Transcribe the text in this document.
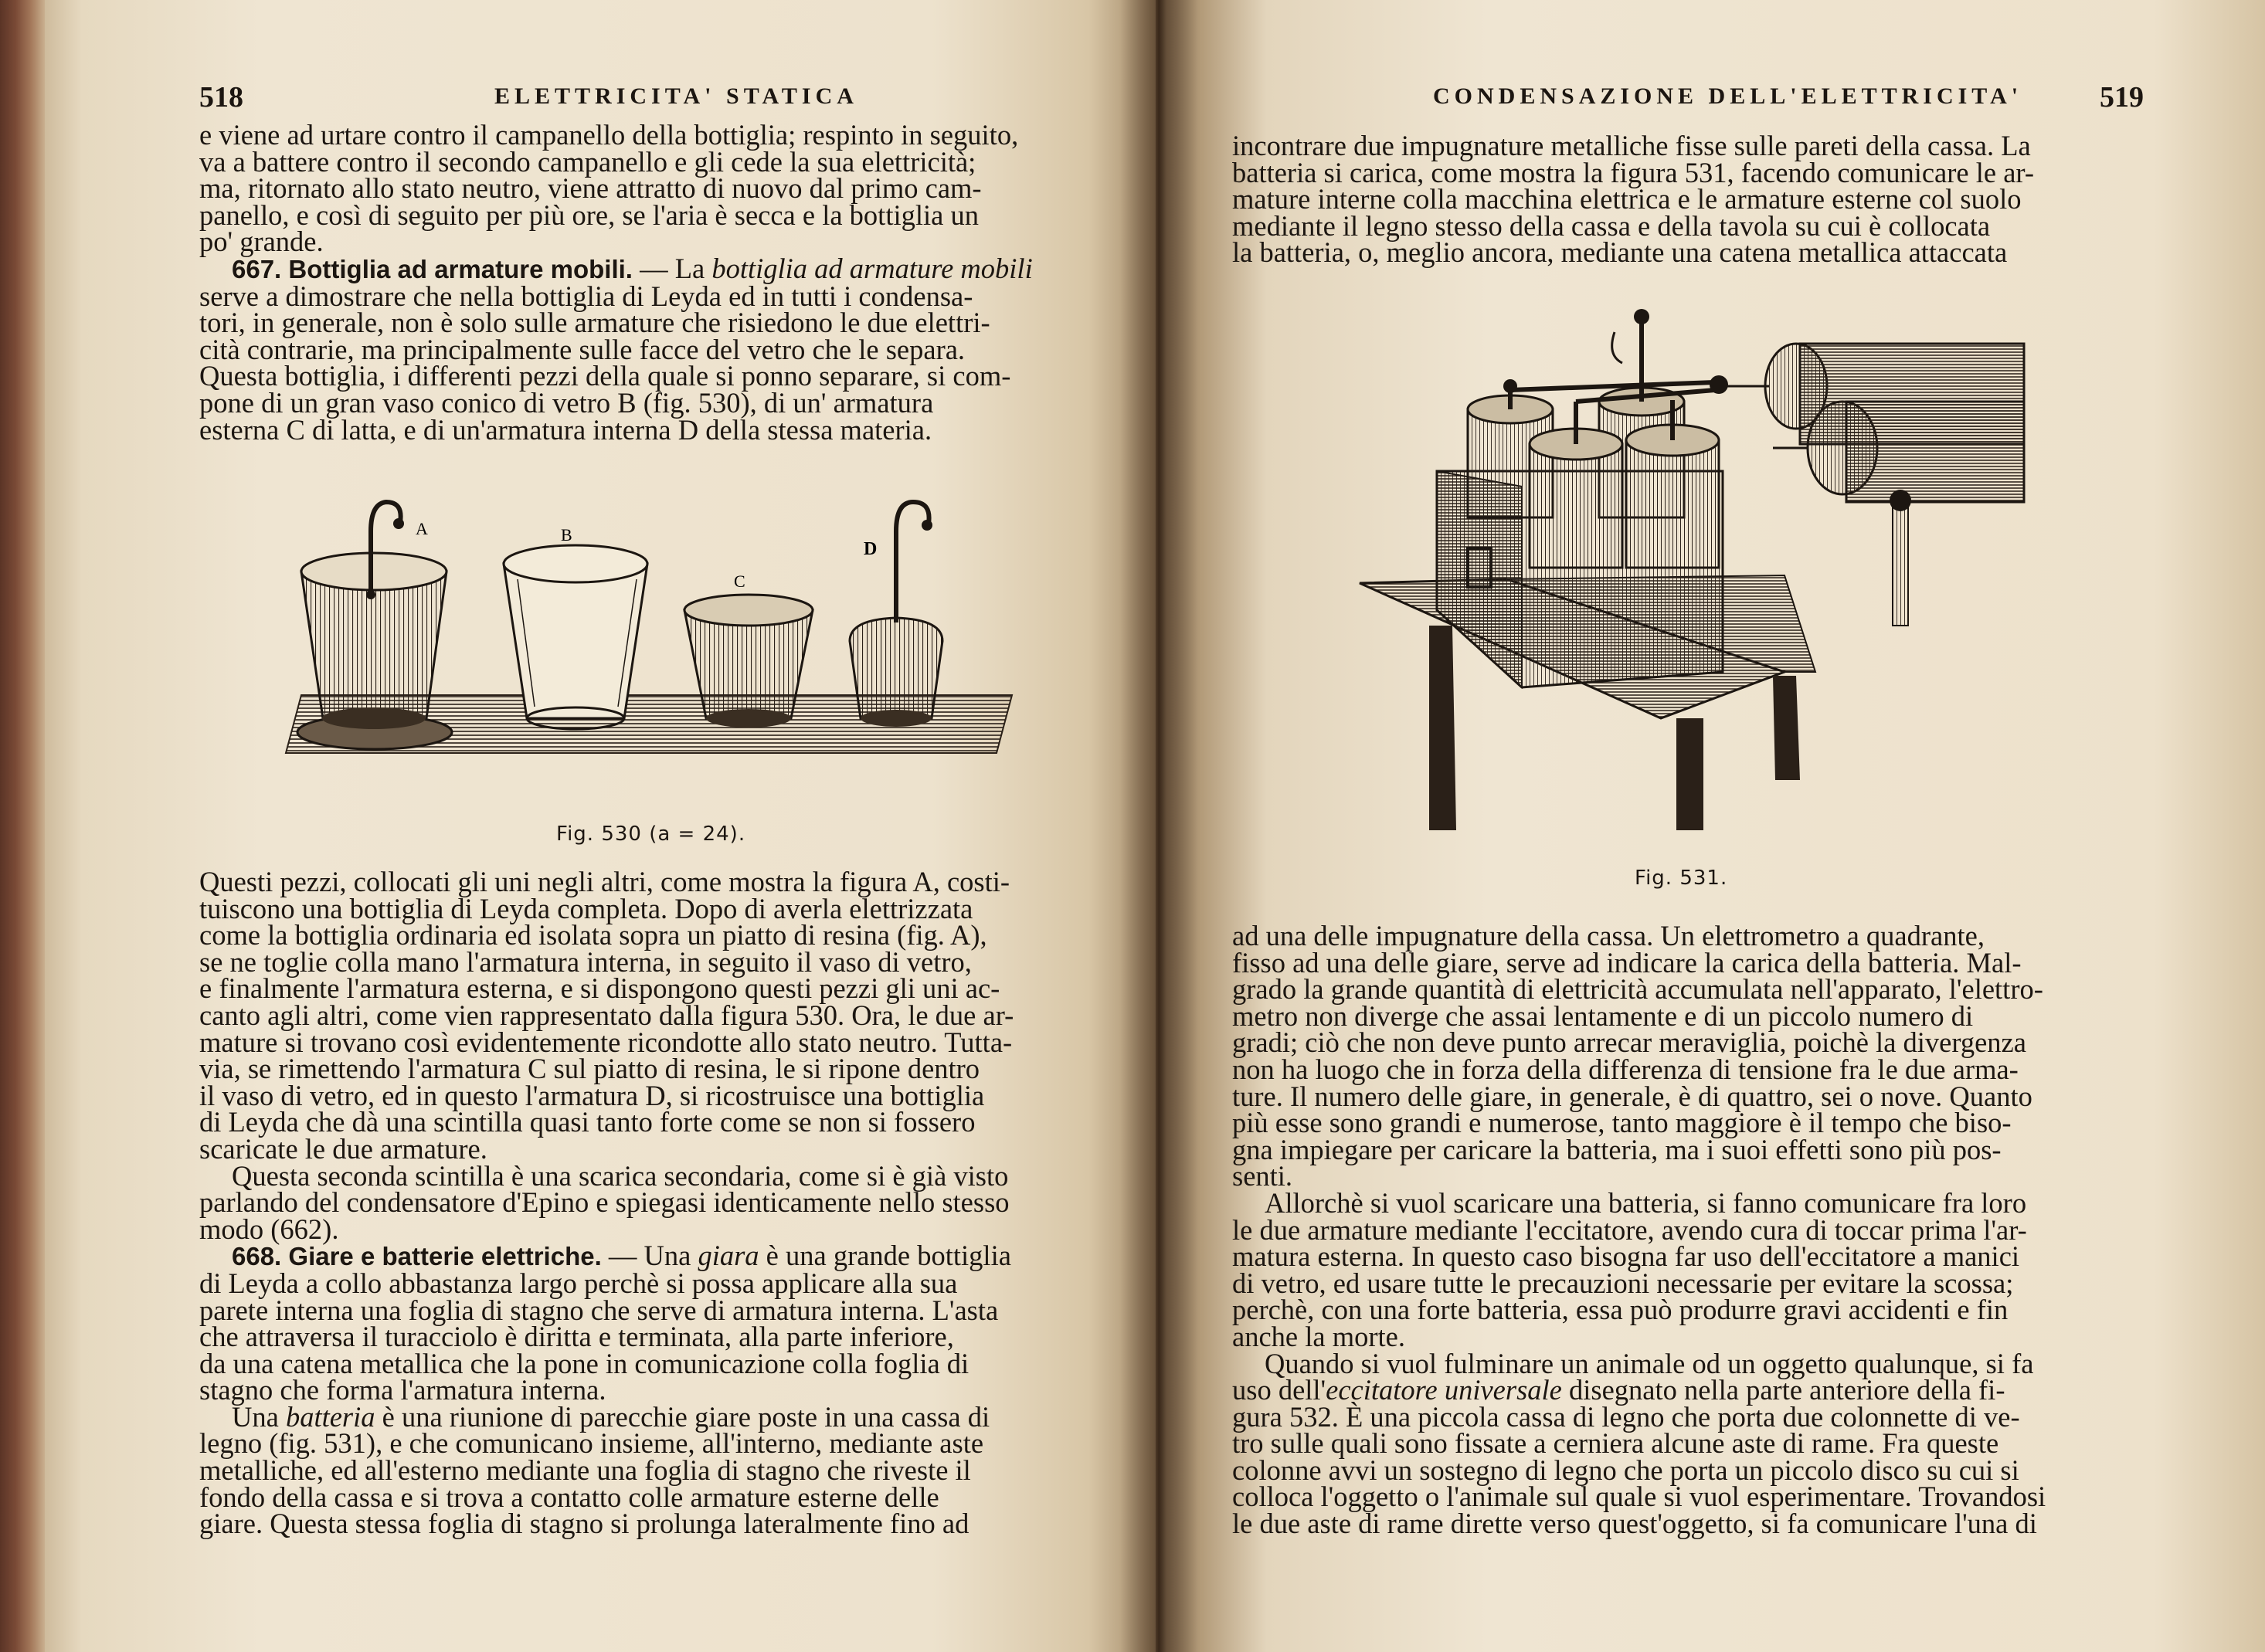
518	ELETTRICITA' STATICA

e viene ad urtare contro il campanello della bottiglia; respinto in seguito,

va a battere contro il secondo campanello e gli cede la sua elettricità;

ma, ritornato allo stato neutro, viene attratto di nuovo dal primo cam-

panello, e così di seguito per più ore, se l'aria è secca e la bottiglia un

po' grande.

667. Bottiglia ad armature mobili. — La bottiglia ad armature mobili

serve a dimostrare che nella bottiglia di Leyda ed in tutti i condensa-

tori, in generale, non è solo sulle armature che risiedono le due elettri-

cità contrarie, ma principalmente sulle facce del vetro che le separa.

Questa bottiglia, i differenti pezzi della quale si ponno separare, si com-

pone di un gran vaso conico di vetro B (fig. 530), di un' armatura

esterna C di latta, e di un'armatura interna D della stessa materia.

A	B
C
D
Fig. 530 (a = 24).

Questi pezzi, collocati gli uni negli altri, come mostra la figura A, costi-

tuiscono una bottiglia di Leyda completa. Dopo di averla elettrizzata

come la bottiglia ordinaria ed isolata sopra un piatto di resina (fig. A),

se ne toglie colla mano l'armatura interna, in seguito il vaso di vetro,

e finalmente l'armatura esterna, e si dispongono questi pezzi gli uni ac-

canto agli altri, come vien rappresentato dalla figura 530. Ora, le due ar-

mature si trovano così evidentemente ricondotte allo stato neutro. Tutta-

via, se rimettendo l'armatura C sul piatto di resina, le si ripone dentro

il vaso di vetro, ed in questo l'armatura D, si ricostruisce una bottiglia

di Leyda che dà una scintilla quasi tanto forte come se non si fossero

scaricate le due armature.

Questa seconda scintilla è una scarica secondaria, come si è già visto

parlando del condensatore d'Epino e spiegasi identicamente nello stesso

modo (662).

668. Giare e batterie elettriche. — Una giara è una grande bottiglia

di Leyda a collo abbastanza largo perchè si possa applicare alla sua

parete interna una foglia di stagno che serve di armatura interna. L'asta

che attraversa il turacciolo è diritta e terminata, alla parte inferiore,

da una catena metallica che la pone in comunicazione colla foglia di

stagno che forma l'armatura interna.

Una batteria è una riunione di parecchie giare poste in una cassa di

legno (fig. 531), e che comunicano insieme, all'interno, mediante aste

metalliche, ed all'esterno mediante una foglia di stagno che riveste il

fondo della cassa e si trova a contatto colle armature esterne delle

giare. Questa stessa foglia di stagno si prolunga lateralmente fino ad

CONDENSAZIONE DELL'ELETTRICITA'	519

incontrare due impugnature metalliche fisse sulle pareti della cassa. La

batteria si carica, come mostra la figura 531, facendo comunicare le ar-

mature interne colla macchina elettrica e le armature esterne col suolo

mediante il legno stesso della cassa e della tavola su cui è collocata

la batteria, o, meglio ancora, mediante una catena metallica attaccata

Fig. 531.

ad una delle impugnature della cassa. Un elettrometro a quadrante,

fisso ad una delle giare, serve ad indicare la carica della batteria. Mal-

grado la grande quantità di elettricità accumulata nell'apparato, l'elettro-

metro non diverge che assai lentamente e di un piccolo numero di

gradi; ciò che non deve punto arrecar meraviglia, poichè la divergenza

non ha luogo che in forza della differenza di tensione fra le due arma-

ture. Il numero delle giare, in generale, è di quattro, sei o nove. Quanto

più esse sono grandi e numerose, tanto maggiore è il tempo che biso-

gna impiegare per caricare la batteria, ma i suoi effetti sono più pos-

senti.

Allorchè si vuol scaricare una batteria, si fanno comunicare fra loro

le due armature mediante l'eccitatore, avendo cura di toccar prima l'ar-

matura esterna. In questo caso bisogna far uso dell'eccitatore a manici

di vetro, ed usare tutte le precauzioni necessarie per evitare la scossa;

perchè, con una forte batteria, essa può produrre gravi accidenti e fin

anche la morte.

Quando si vuol fulminare un animale od un oggetto qualunque, si fa

uso dell'eccitatore universale disegnato nella parte anteriore della fi-

gura 532. È una piccola cassa di legno che porta due colonnette di ve-

tro sulle quali sono fissate a cerniera alcune aste di rame. Fra queste

colonne avvi un sostegno di legno che porta un piccolo disco su cui si

colloca l'oggetto o l'animale sul quale si vuol esperimentare. Trovandosi

le due aste di rame dirette verso quest'oggetto, si fa comunicare l'una di
